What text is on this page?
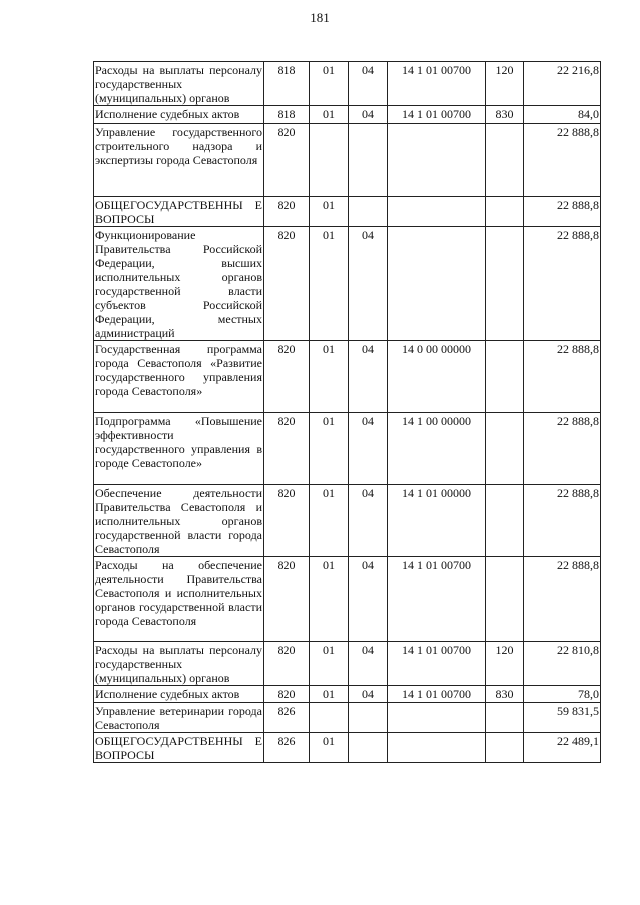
181
Расходы на выплаты персоналу государственных (муниципальных) органов	818	01	04	14 1 01 00700	120	22 216,8
Исполнение судебных актов	818	01	04	14 1 01 00700	830	84,0
Управление государственного строительного надзора и экспертизы города Севастополя	820					22 888,8
ОБЩЕГОСУДАРСТВЕННЫ Е ВОПРОСЫ	820	01				22 888,8
Функционирование Правительства Российской Федерации, высших исполнительных органов государственной власти субъектов Российской Федерации, местных администраций	820	01	04			22 888,8
Государственная программа города Севастополя «Развитие государственного управления города Севастополя»	820	01	04	14 0 00 00000		22 888,8
Подпрограмма «Повышение эффективности государственного управления в городе Севастополе»	820	01	04	14 1 00 00000		22 888,8
Обеспечение деятельности Правительства Севастополя и исполнительных органов государственной власти города Севастополя	820	01	04	14 1 01 00000		22 888,8
Расходы на обеспечение деятельности Правительства Севастополя и исполнительных органов государственной власти города Севастополя	820	01	04	14 1 01 00700		22 888,8
Расходы на выплаты персоналу государственных (муниципальных) органов	820	01	04	14 1 01 00700	120	22 810,8
Исполнение судебных актов	820	01	04	14 1 01 00700	830	78,0
Управление ветеринарии города Севастополя	826					59 831,5
ОБЩЕГОСУДАРСТВЕННЫ Е ВОПРОСЫ	826	01				22 489,1
